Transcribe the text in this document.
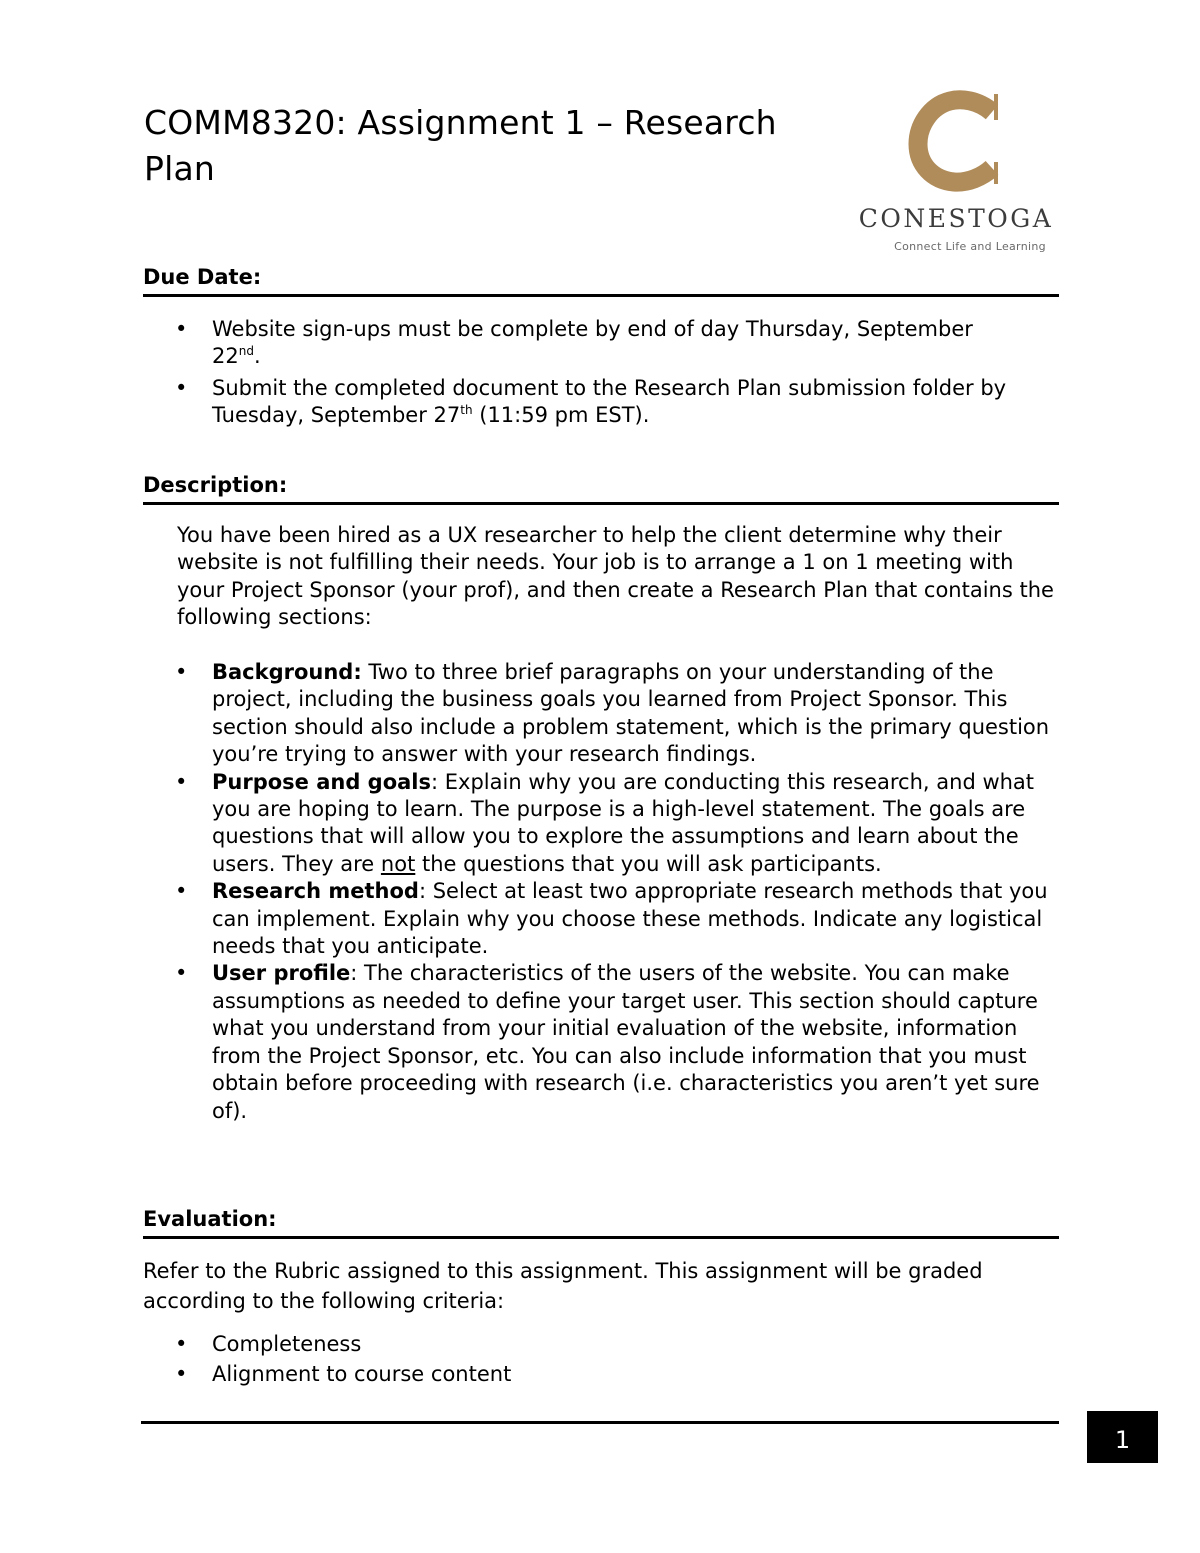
COMM8320: Assignment 1 – Research Plan
CONESTOGA
Connect Life and Learning
Due Date:
• Website sign-ups must be complete by end of day Thursday, September 22nd.
• Submit the completed document to the Research Plan submission folder by Tuesday, September 27th (11:59 pm EST).
Description:
You have been hired as a UX researcher to help the client determine why their website is not fulfilling their needs. Your job is to arrange a 1 on 1 meeting with your Project Sponsor (your prof), and then create a Research Plan that contains the following sections:
• Background: Two to three brief paragraphs on your understanding of the project, including the business goals you learned from Project Sponsor. This section should also include a problem statement, which is the primary question you’re trying to answer with your research findings.
• Purpose and goals: Explain why you are conducting this research, and what you are hoping to learn. The purpose is a high-level statement. The goals are questions that will allow you to explore the assumptions and learn about the users. They are not the questions that you will ask participants.
• Research method: Select at least two appropriate research methods that you can implement. Explain why you choose these methods. Indicate any logistical needs that you anticipate.
• User profile: The characteristics of the users of the website. You can make assumptions as needed to define your target user. This section should capture what you understand from your initial evaluation of the website, information from the Project Sponsor, etc. You can also include information that you must obtain before proceeding with research (i.e. characteristics you aren’t yet sure of).
Evaluation:
Refer to the Rubric assigned to this assignment. This assignment will be graded according to the following criteria:
• Completeness
• Alignment to course content
1
